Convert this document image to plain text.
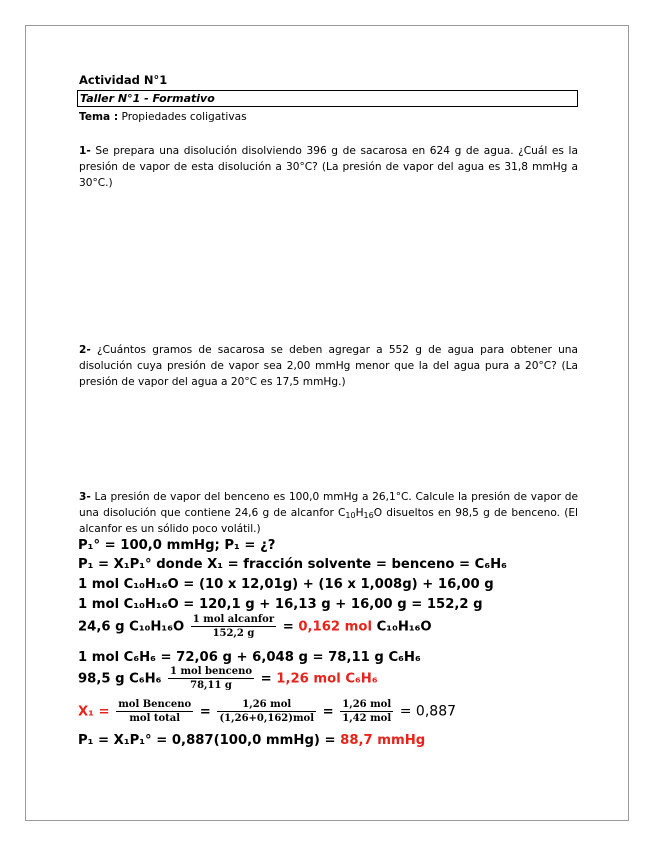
Actividad N°1
Taller N°1 - Formativo
Tema : Propiedades coligativas
1- Se prepara una disolución disolviendo 396 g de sacarosa en 624 g de agua. ¿Cuál es la presión de vapor de esta disolución a 30°C? (La presión de vapor del agua es 31,8 mmHg a 30°C.)
2- ¿Cuántos gramos de sacarosa se deben agregar a 552 g de agua para obtener una disolución cuya presión de vapor sea 2,00 mmHg menor que la del agua pura a 20°C? (La presión de vapor del agua a 20°C es 17,5 mmHg.)
3- La presión de vapor del benceno es 100,0 mmHg a 26,1°C. Calcule la presión de vapor de una disolución que contiene 24,6 g de alcanfor $C_{10}H_{16}O$ disueltos en 98,5 g de benceno. (El alcanfor es un sólido poco volátil.)
P₁° = 100,0 mmHg; P₁ = ¿?
P₁ = X₁P₁° donde X₁ = fracción solvente = benceno = C₆H₆
1 mol C₁₀H₁₆O = (10 x 12,01g) + (16 x 1,008g) + 16,00 g
1 mol C₁₀H₁₆O = 120,1 g + 16,13 g + 16,00 g = 152,2 g
24,6 g $C_{10}H_{16}O \frac{\text{1 mol alcanfor}}{152,2 g} = 0,162$ mol C₁₀H₁₆O
1 mol C₆H₆ = 72,06 g + 6,048 g = 78,11 g C₆H₆
98,5 g $C_6H_6 \frac{\text{1 mol benceno}}{78,11 g} = 1,26$ mol C₆H₆
$X_1 = \frac{\text{mol Benceno}}{\text{mol total}} = \frac{\text{1,26 mol}}{\text{(1,26+0,162)mol}} = \frac{\text{1,26 mol}}{\text{1,42 mol}} = 0,887$
P₁ = X₁P₁° = 0,887(100,0 mmHg) = 88,7 mmHg
